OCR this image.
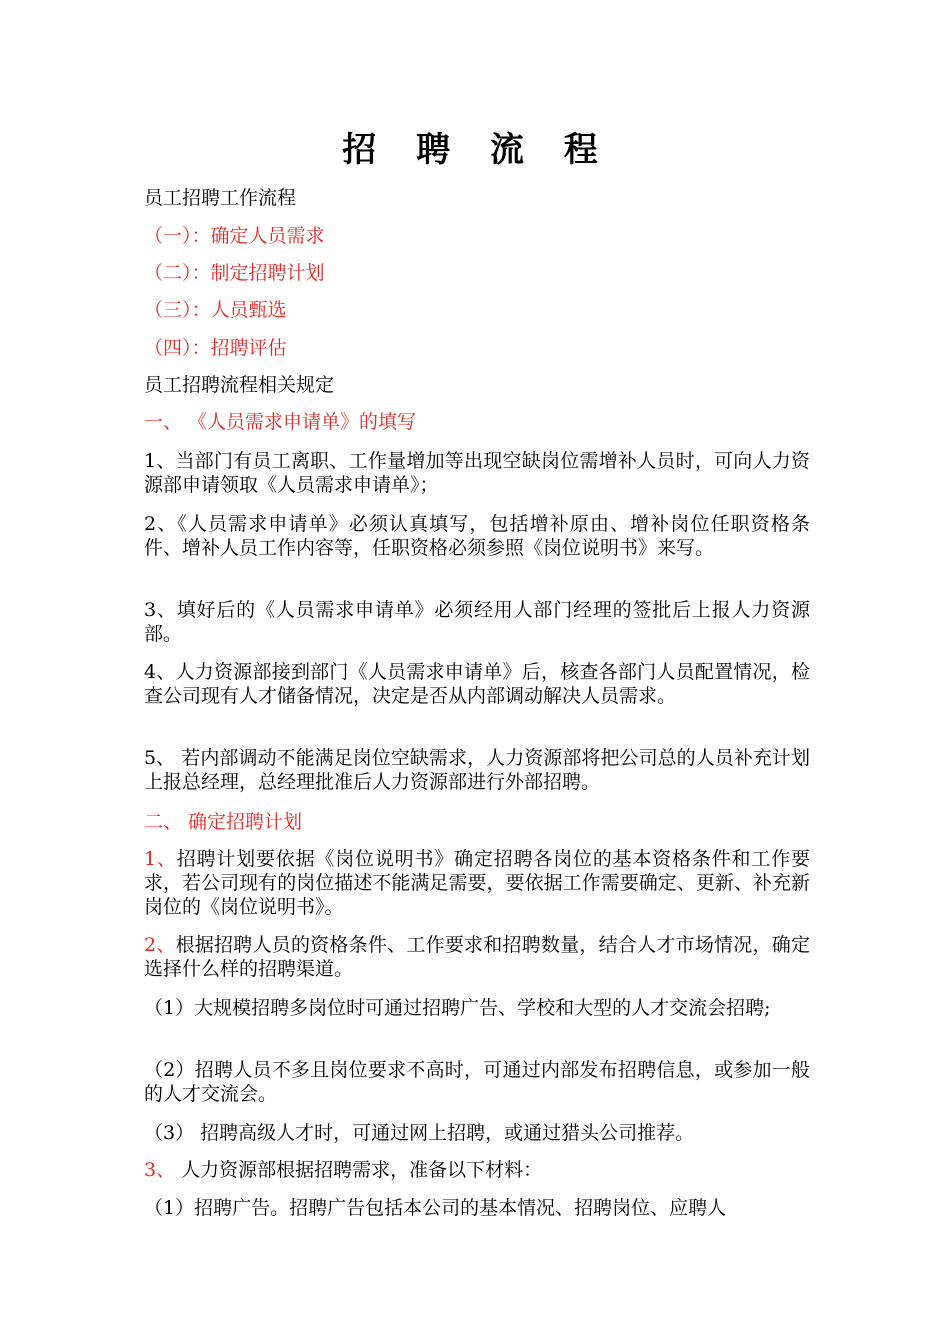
招 聘 流 程
员工招聘工作流程
（一）：确定人员需求
（二）：制定招聘计划
（三）：人员甄选
（四）：招聘评估
员工招聘流程相关规定
一、 《人员需求申请单》的填写
1、当部门有员工离职、工作量增加等出现空缺岗位需增补人员时，可向人力资源部申请领取《人员需求申请单》；
2、《人员需求申请单》必须认真填写，包括增补原由、增补岗位任职资格条件、增补人员工作内容等，任职资格必须参照《岗位说明书》来写。
3、填好后的《人员需求申请单》必须经用人部门经理的签批后上报人力资源部。
4、人力资源部接到部门《人员需求申请单》后，核查各部门人员配置情况，检查公司现有人才储备情况，决定是否从内部调动解决人员需求。
5、 若内部调动不能满足岗位空缺需求，人力资源部将把公司总的人员补充计划上报总经理，总经理批准后人力资源部进行外部招聘。
二、 确定招聘计划
1、招聘计划要依据《岗位说明书》确定招聘各岗位的基本资格条件和工作要求，若公司现有的岗位描述不能满足需要，要依据工作需要确定、更新、补充新岗位的《岗位说明书》。
2、根据招聘人员的资格条件、工作要求和招聘数量，结合人才市场情况，确定选择什么样的招聘渠道。
（1）大规模招聘多岗位时可通过招聘广告、学校和大型的人才交流会招聘;
（2）招聘人员不多且岗位要求不高时，可通过内部发布招聘信息，或参加一般的人才交流会。
（3） 招聘高级人才时，可通过网上招聘，或通过猎头公司推荐。
3、 人力资源部根据招聘需求，准备以下材料：
（1）招聘广告。招聘广告包括本公司的基本情况、招聘岗位、应聘人
